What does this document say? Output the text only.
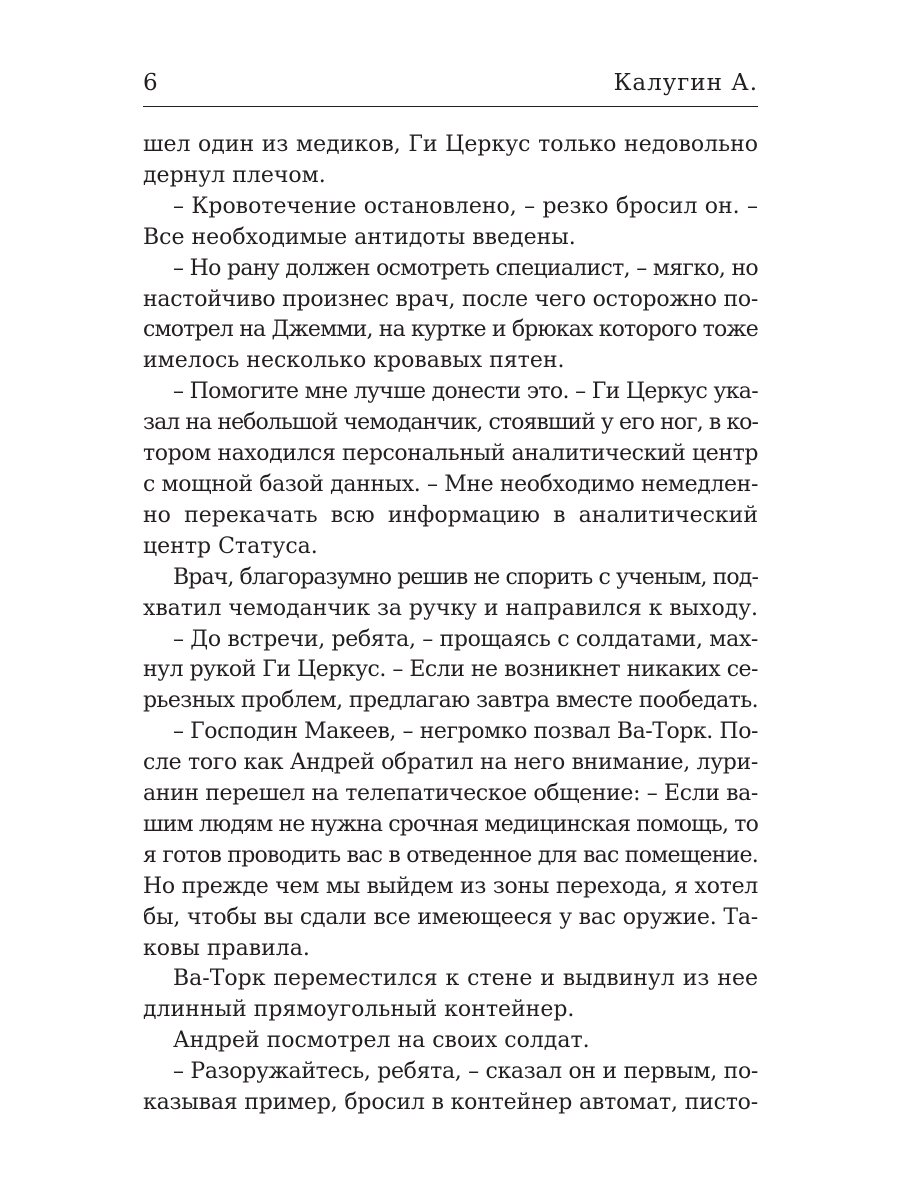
6	Калугин А.

шел один из медиков, Ги Церкус только недовольно
дернул плечом.

– Кровотечение остановлено, – резко бросил он. –
Все необходимые антидоты введены.

– Но рану должен осмотреть специалист, – мягко, но
настойчиво произнес врач, после чего осторожно по-
смотрел на Джемми, на куртке и брюках которого тоже
имелось несколько кровавых пятен.

– Помогите мне лучше донести это. – Ги Церкус ука-
зал на небольшой чемоданчик, стоявший у его ног, в ко-
тором находился персональный аналитический центр
с мощной базой данных. – Мне необходимо немедлен-
но перекачать всю информацию в аналитический
центр Статуса.

Врач, благоразумно решив не спорить с ученым, под-
хватил чемоданчик за ручку и направился к выходу.

– До встречи, ребята, – прощаясь с солдатами, мах-
нул рукой Ги Церкус. – Если не возникнет никаких се-
рьезных проблем, предлагаю завтра вместе пообедать.

– Господин Макеев, – негромко позвал Ва-Торк. По-
сле того как Андрей обратил на него внимание, лури-
анин перешел на телепатическое общение: – Если ва-
шим людям не нужна срочная медицинская помощь, то
я готов проводить вас в отведенное для вас помещение.
Но прежде чем мы выйдем из зоны перехода, я хотел
бы, чтобы вы сдали все имеющееся у вас оружие. Та-
ковы правила.

Ва-Торк переместился к стене и выдвинул из нее
длинный прямоугольный контейнер.

Андрей посмотрел на своих солдат.

– Разоружайтесь, ребята, – сказал он и первым, по-
казывая пример, бросил в контейнер автомат, писто-
